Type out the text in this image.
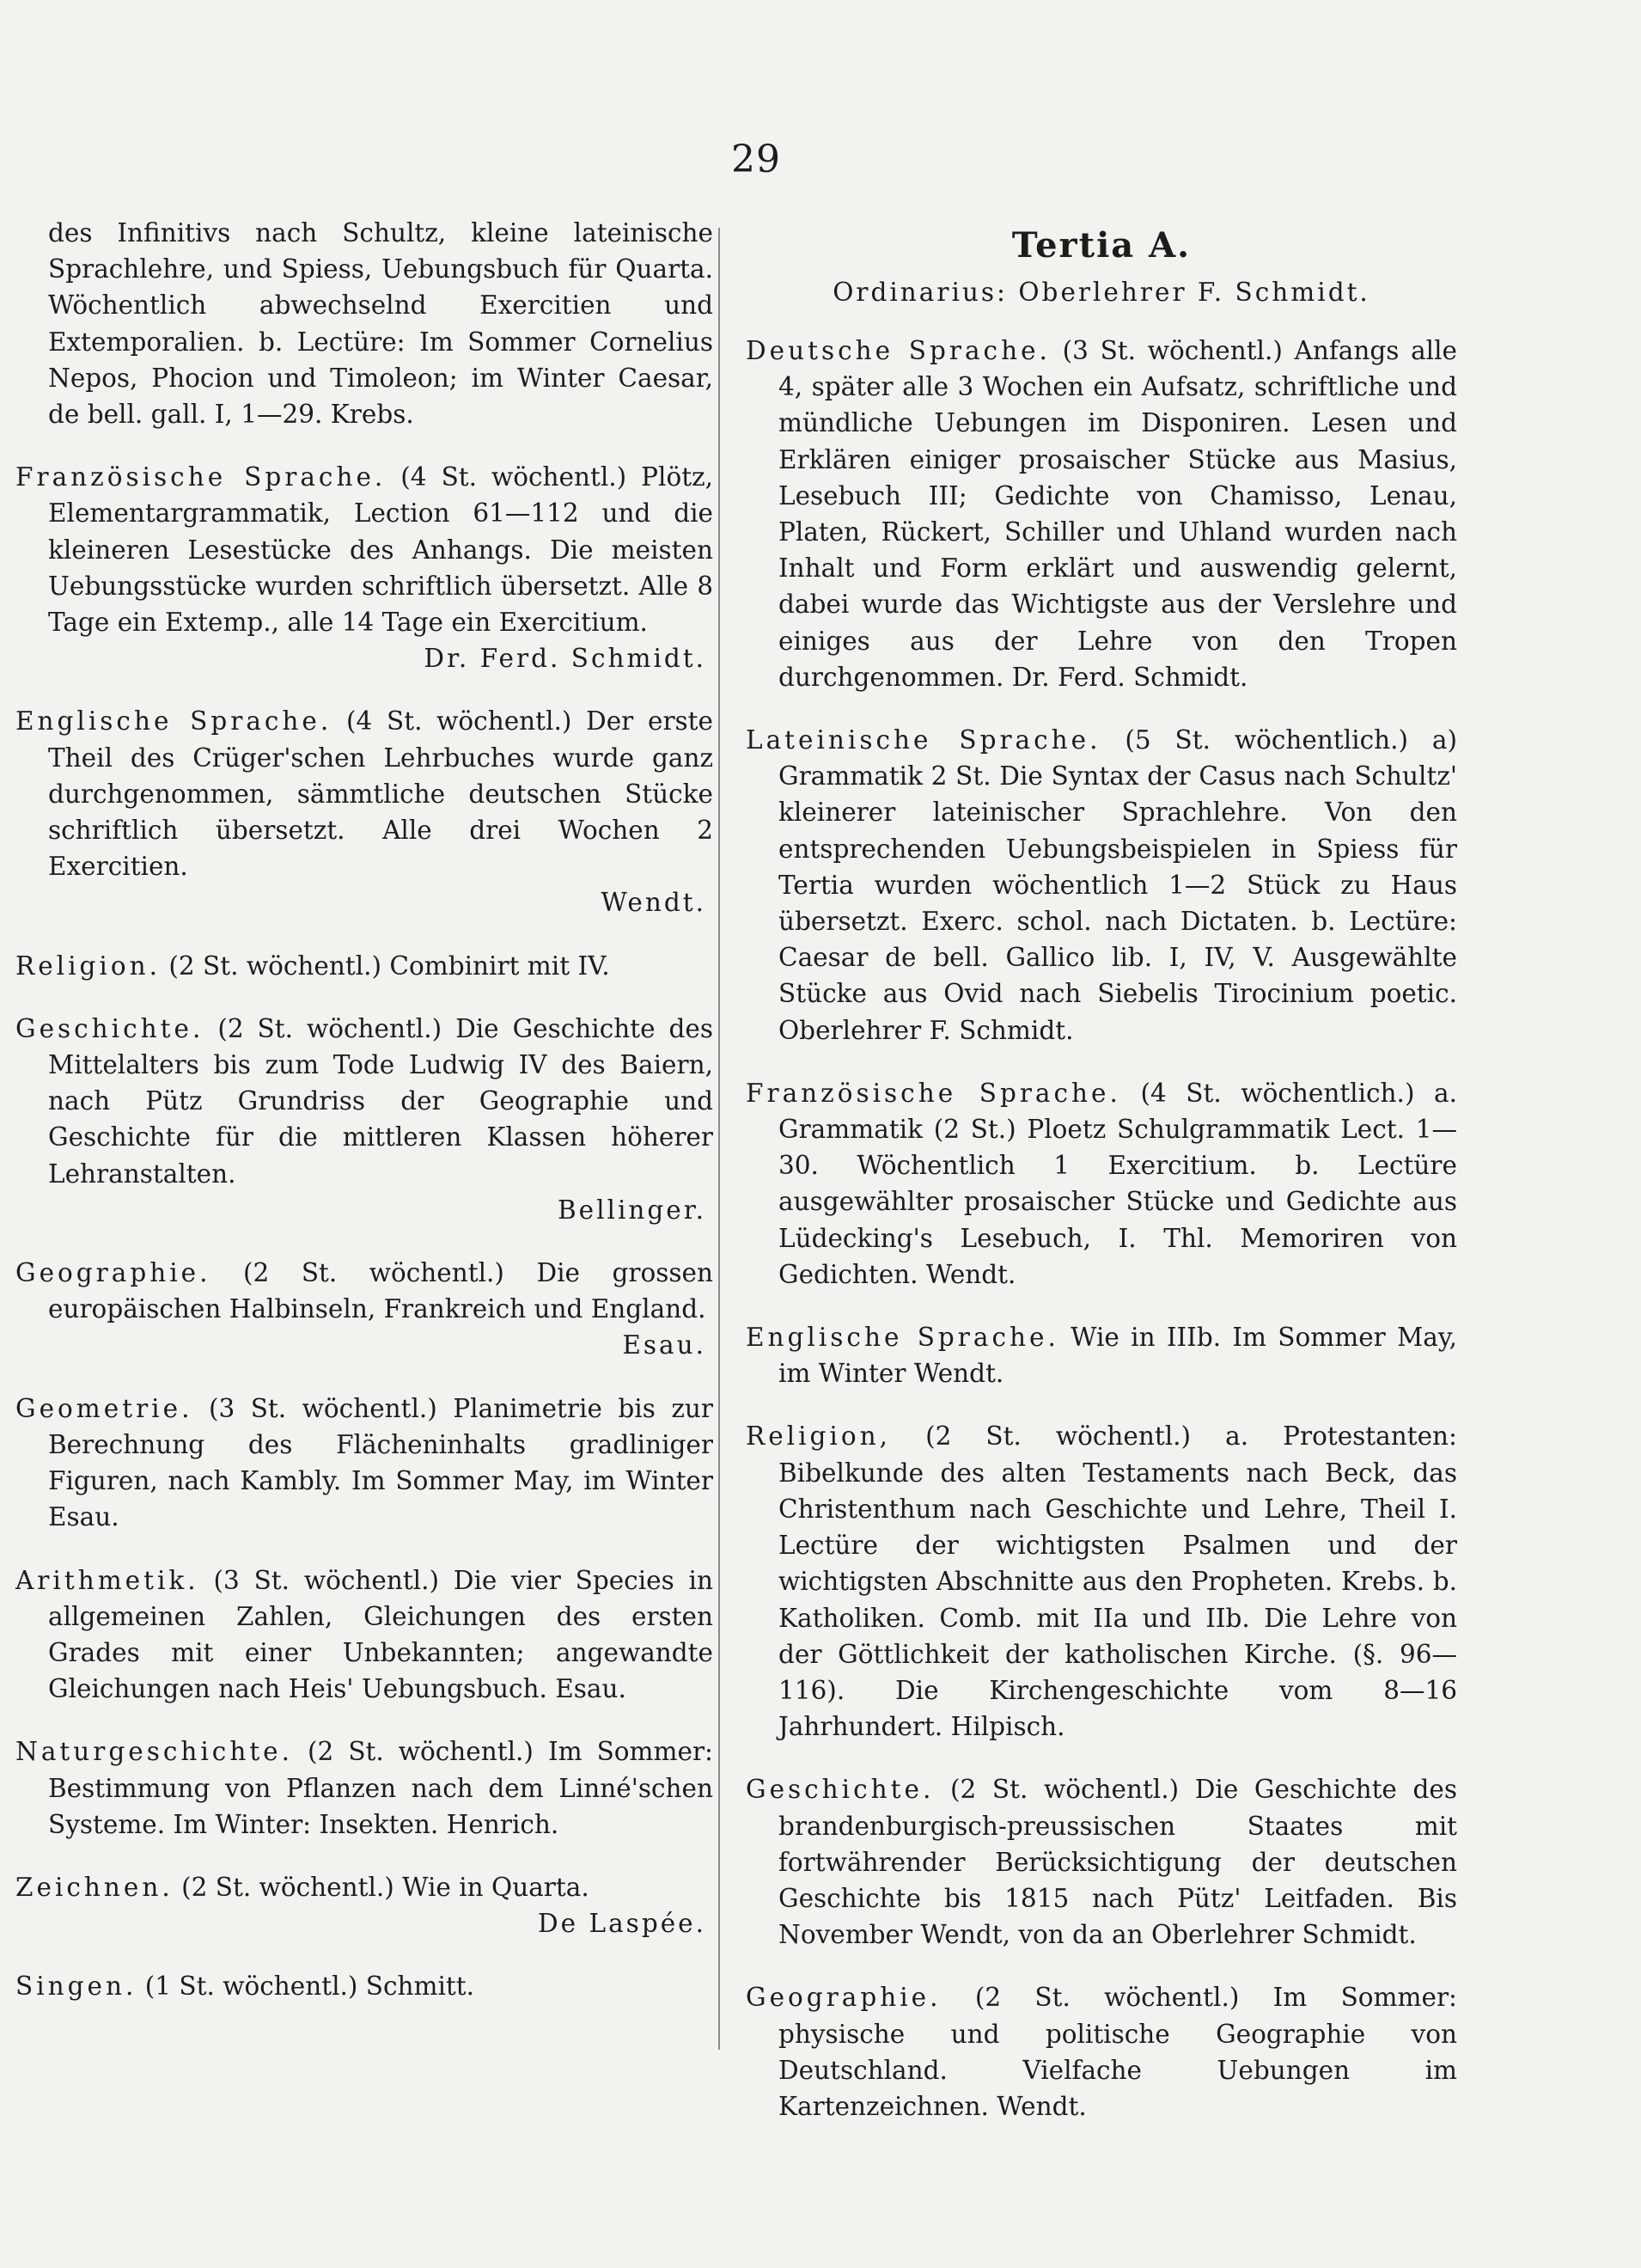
29

des Infinitivs nach Schultz, kleine lateinische Sprachlehre, und Spiess, Uebungsbuch für Quarta. Wöchentlich abwechselnd Exercitien und Extemporalien. b. Lectüre: Im Sommer Cornelius Nepos, Phocion und Timoleon; im Winter Caesar, de bell. gall. I, 1—29. Krebs.

Französische Sprache. (4 St. wöchentl.) Plötz, Elementargrammatik, Lection 61—112 und die kleineren Lesestücke des Anhangs. Die meisten Uebungsstücke wurden schriftlich übersetzt. Alle 8 Tage ein Extemp., alle 14 Tage ein Exercitium.

Dr. Ferd. Schmidt.

Englische Sprache. (4 St. wöchentl.) Der erste Theil des Crüger'schen Lehrbuches wurde ganz durchgenommen, sämmtliche deutschen Stücke schriftlich übersetzt. Alle drei Wochen 2 Exercitien.

Wendt.

Religion. (2 St. wöchentl.) Combinirt mit IV.

Geschichte. (2 St. wöchentl.) Die Geschichte des Mittelalters bis zum Tode Ludwig IV des Baiern, nach Pütz Grundriss der Geographie und Geschichte für die mittleren Klassen höherer Lehranstalten.

Bellinger.

Geographie. (2 St. wöchentl.) Die grossen europäischen Halbinseln, Frankreich und England.

Esau.

Geometrie. (3 St. wöchentl.) Planimetrie bis zur Berechnung des Flächeninhalts gradliniger Figuren, nach Kambly. Im Sommer May, im Winter Esau.

Arithmetik. (3 St. wöchentl.) Die vier Species in allgemeinen Zahlen, Gleichungen des ersten Grades mit einer Unbekannten; angewandte Gleichungen nach Heis' Uebungsbuch. Esau.

Naturgeschichte. (2 St. wöchentl.) Im Sommer: Bestimmung von Pflanzen nach dem Linné'schen Systeme. Im Winter: Insekten. Henrich.

Zeichnen. (2 St. wöchentl.) Wie in Quarta.

De Laspée.

Singen. (1 St. wöchentl.) Schmitt.

Tertia A.
Ordinarius: Oberlehrer F. Schmidt.

Deutsche Sprache. (3 St. wöchentl.) Anfangs alle 4, später alle 3 Wochen ein Aufsatz, schriftliche und mündliche Uebungen im Disponiren. Lesen und Erklären einiger prosaischer Stücke aus Masius, Lesebuch III; Gedichte von Chamisso, Lenau, Platen, Rückert, Schiller und Uhland wurden nach Inhalt und Form erklärt und auswendig gelernt, dabei wurde das Wichtigste aus der Verslehre und einiges aus der Lehre von den Tropen durchgenommen. Dr. Ferd. Schmidt.

Lateinische Sprache. (5 St. wöchentlich.) a) Grammatik 2 St. Die Syntax der Casus nach Schultz' kleinerer lateinischer Sprachlehre. Von den entsprechenden Uebungsbeispielen in Spiess für Tertia wurden wöchentlich 1—2 Stück zu Haus übersetzt. Exerc. schol. nach Dictaten. b. Lectüre: Caesar de bell. Gallico lib. I, IV, V. Ausgewählte Stücke aus Ovid nach Siebelis Tirocinium poetic. Oberlehrer F. Schmidt.

Französische Sprache. (4 St. wöchentlich.) a. Grammatik (2 St.) Ploetz Schulgrammatik Lect. 1—30. Wöchentlich 1 Exercitium. b. Lectüre ausgewählter prosaischer Stücke und Gedichte aus Lüdecking's Lesebuch, I. Thl. Memoriren von Gedichten. Wendt.

Englische Sprache. Wie in IIIb. Im Sommer May, im Winter Wendt.

Religion, (2 St. wöchentl.) a. Protestanten: Bibelkunde des alten Testaments nach Beck, das Christenthum nach Geschichte und Lehre, Theil I. Lectüre der wichtigsten Psalmen und der wichtigsten Abschnitte aus den Propheten. Krebs. b. Katholiken. Comb. mit IIa und IIb. Die Lehre von der Göttlichkeit der katholischen Kirche. (§. 96—116). Die Kirchengeschichte vom 8—16 Jahrhundert. Hilpisch.

Geschichte. (2 St. wöchentl.) Die Geschichte des brandenburgisch-preussischen Staates mit fortwährender Berücksichtigung der deutschen Geschichte bis 1815 nach Pütz' Leitfaden. Bis November Wendt, von da an Oberlehrer Schmidt.

Geographie. (2 St. wöchentl.) Im Sommer: physische und politische Geographie von Deutschland. Vielfache Uebungen im Kartenzeichnen. Wendt.
